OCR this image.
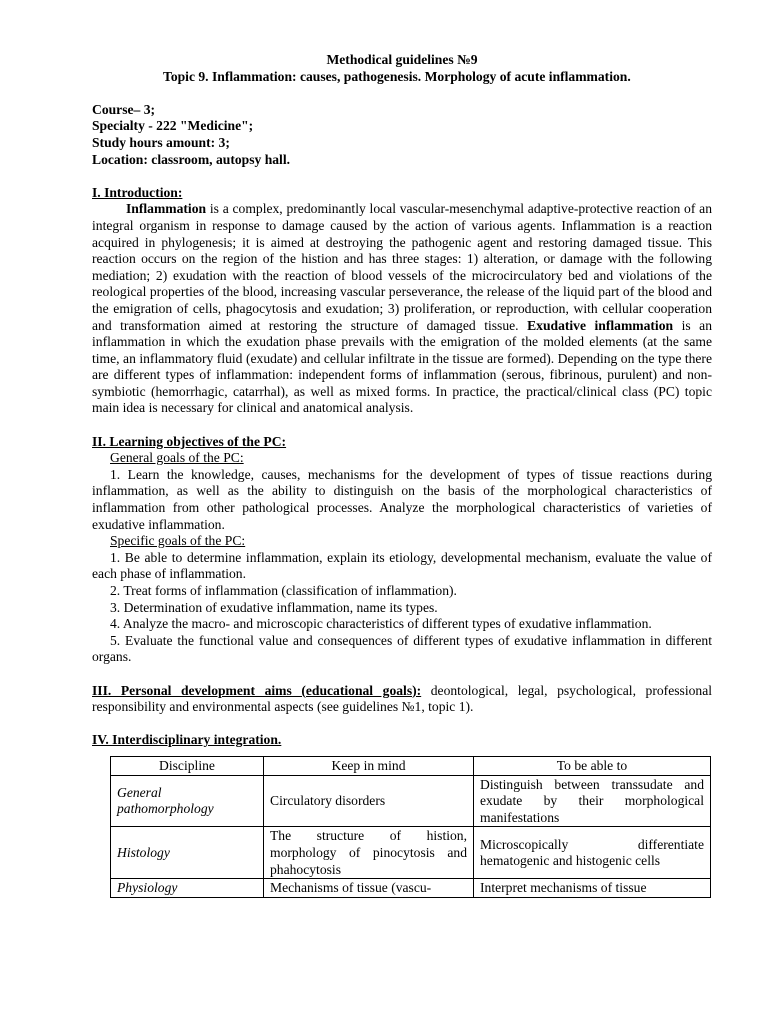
Methodical guidelines №9

Topic 9. Inflammation: causes, pathogenesis. Morphology of acute inflammation.

Course– 3;

Specialty - 222 "Medicine";

Study hours amount: 3;

Location: classroom, autopsy hall.

I. Introduction:

Inflammation is a complex, predominantly local vascular-mesenchymal adaptive-protective reaction of an integral organism in response to damage caused by the action of various agents. Inflammation is a reaction acquired in phylogenesis; it is aimed at destroying the pathogenic agent and restoring damaged tissue. This reaction occurs on the region of the histion and has three stages: 1) alteration, or damage with the following mediation; 2) exudation with the reaction of blood vessels of the microcirculatory bed and violations of the reological properties of the blood, increasing vascular perseverance, the release of the liquid part of the blood and the emigration of cells, phagocytosis and exudation; 3) proliferation, or reproduction, with cellular cooperation and transformation aimed at restoring the structure of damaged tissue. Exudative inflammation is an inflammation in which the exudation phase prevails with the emigration of the molded elements (at the same time, an inflammatory fluid (exudate) and cellular infiltrate in the tissue are formed). Depending on the type there are different types of inflammation: independent forms of inflammation (serous, fibrinous, purulent) and non-symbiotic (hemorrhagic, catarrhal), as well as mixed forms. In practice, the practical/clinical class (PC) topic main idea is necessary for clinical and anatomical analysis.

II. Learning objectives of the PC:

General goals of the PC:

1. Learn the knowledge, causes, mechanisms for the development of types of tissue reactions during inflammation, as well as the ability to distinguish on the basis of the morphological characteristics of inflammation from other pathological processes. Analyze the morphological characteristics of varieties of exudative inflammation.

Specific goals of the PC:

1. Be able to determine inflammation, explain its etiology, developmental mechanism, evaluate the value of each phase of inflammation.

2. Treat forms of inflammation (classification of inflammation).

3. Determination of exudative inflammation, name its types.

4. Analyze the macro- and microscopic characteristics of different types of exudative inflammation.

5. Evaluate the functional value and consequences of different types of exudative inflammation in different organs.

III. Personal development aims (educational goals): deontological, legal, psychological, professional responsibility and environmental aspects (see guidelines №1, topic 1).

IV. Interdisciplinary integration.

Discipline	Keep in mind	To be able to
General pathomorphology	Circulatory disorders	Distinguish between transsudate and exudate by their morphological manifestations
Histology	The structure of histion, morphology of pinocytosis and phahocytosis	Microscopically differentiate hematogenic and histogenic cells
Physiology	Mechanisms of tissue (vascu-	Interpret mechanisms of tissue
